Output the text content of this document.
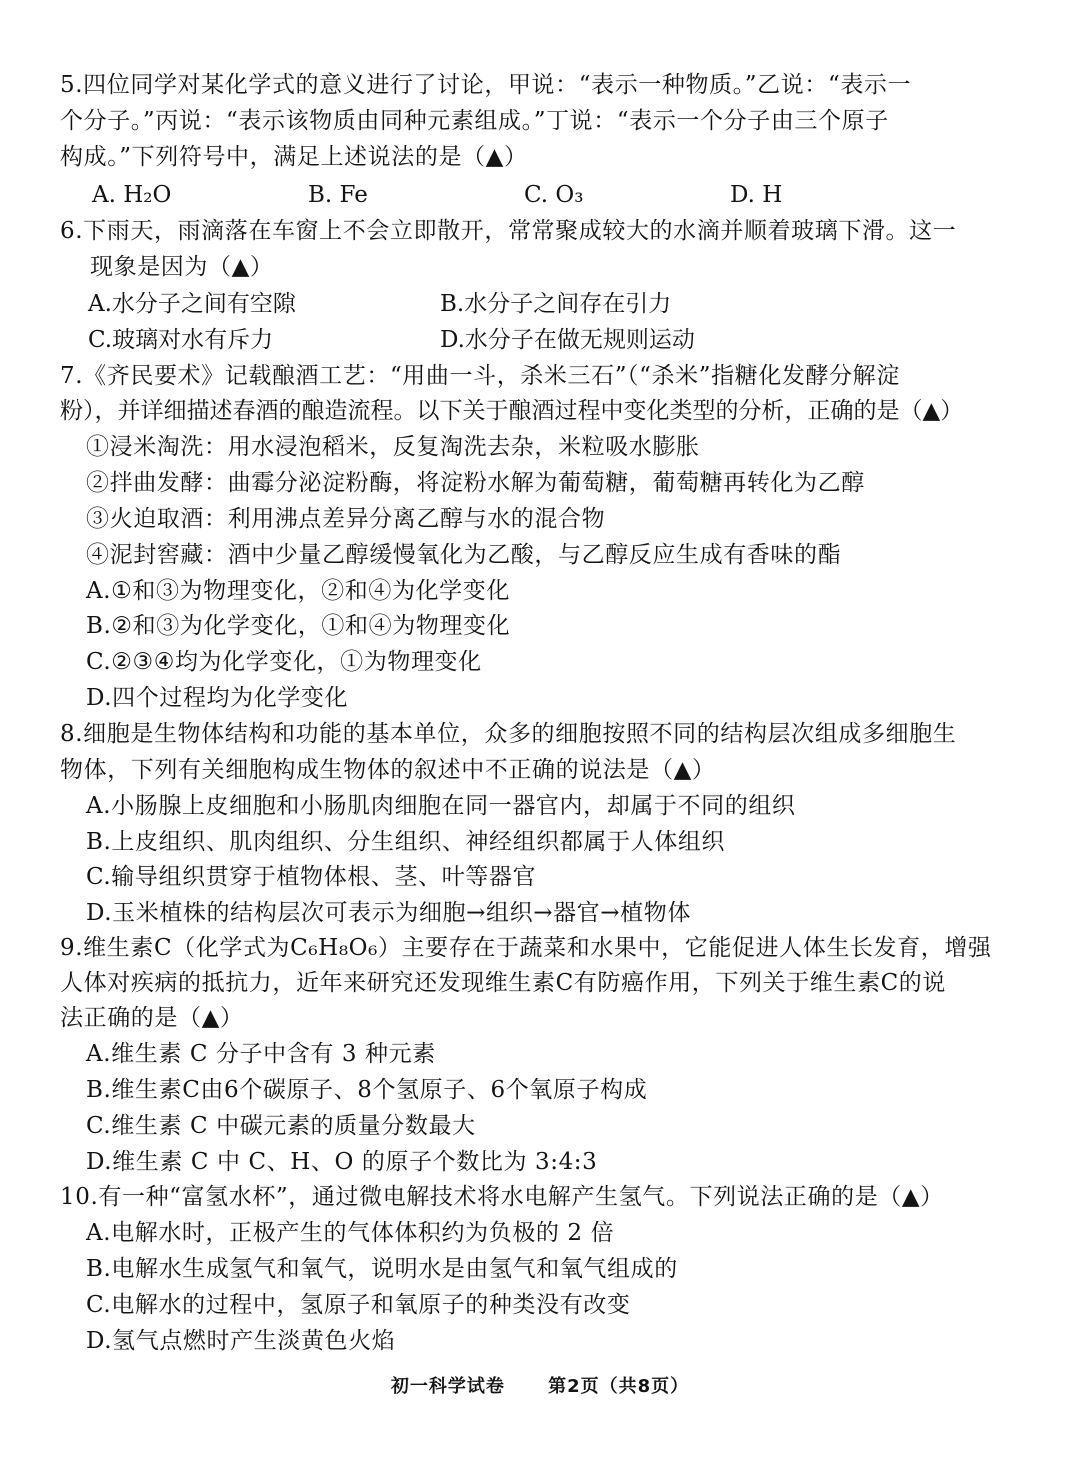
5.四位同学对某化学式的意义进行了讨论，甲说：“表示一种物质。”乙说：“表示一
个分子。”丙说：“表示该物质由同种元素组成。”丁说：“表示一个分子由三个原子
构成。”下列符号中，满足上述说法的是（▲）
A. H₂O	B. Fe	C. O₃	D. H
6.下雨天，雨滴落在车窗上不会立即散开，常常聚成较大的水滴并顺着玻璃下滑。这一
现象是因为（▲）
A.水分子之间有空隙	B.水分子之间存在引力
C.玻璃对水有斥力	D.水分子在做无规则运动
7.《齐民要术》记载酿酒工艺：“用曲一斗，杀米三石”（“杀米”指糖化发酵分解淀
粉），并详细描述春酒的酿造流程。以下关于酿酒过程中变化类型的分析，正确的是（▲）
①浸米淘洗：用水浸泡稻米，反复淘洗去杂，米粒吸水膨胀
②拌曲发酵：曲霉分泌淀粉酶，将淀粉水解为葡萄糖，葡萄糖再转化为乙醇
③火迫取酒：利用沸点差异分离乙醇与水的混合物
④泥封窖藏：酒中少量乙醇缓慢氧化为乙酸，与乙醇反应生成有香味的酯
A.①和③为物理变化，②和④为化学变化
B.②和③为化学变化，①和④为物理变化
C.②③④均为化学变化，①为物理变化
D.四个过程均为化学变化
8.细胞是生物体结构和功能的基本单位，众多的细胞按照不同的结构层次组成多细胞生
物体，下列有关细胞构成生物体的叙述中不正确的说法是（▲）
A.小肠腺上皮细胞和小肠肌肉细胞在同一器官内，却属于不同的组织
B.上皮组织、肌肉组织、分生组织、神经组织都属于人体组织
C.输导组织贯穿于植物体根、茎、叶等器官
D.玉米植株的结构层次可表示为细胞→组织→器官→植物体
9.维生素C（化学式为C₆H₈O₆）主要存在于蔬菜和水果中，它能促进人体生长发育，增强
人体对疾病的抵抗力，近年来研究还发现维生素C有防癌作用，下列关于维生素C的说
法正确的是（▲）
A.维生素 C 分子中含有 3 种元素
B.维生素C由6个碳原子、8个氢原子、6个氧原子构成
C.维生素 C 中碳元素的质量分数最大
D.维生素 C 中 C、H、O 的原子个数比为 3:4:3
10.有一种“富氢水杯”，通过微电解技术将水电解产生氢气。下列说法正确的是（▲）
A.电解水时，正极产生的气体体积约为负极的 2 倍
B.电解水生成氢气和氧气，说明水是由氢气和氧气组成的
C.电解水的过程中，氢原子和氧原子的种类没有改变
D.氢气点燃时产生淡黄色火焰
初一科学试卷 第2页（共8页）
